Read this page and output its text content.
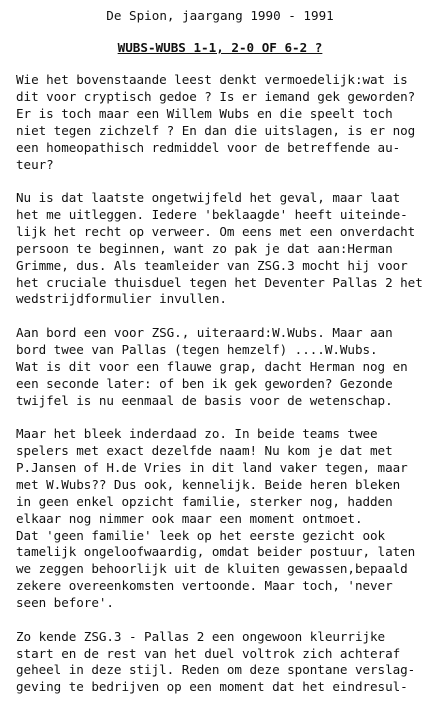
De Spion, jaargang 1990 - 1991
WUBS-WUBS 1-1, 2-0 OF 6-2 ?

Wie het bovenstaande leest denkt vermoedelijk:wat is
dit voor cryptisch gedoe ? Is er iemand gek geworden?
Er is toch maar een Willem Wubs en die speelt toch
niet tegen zichzelf ? En dan die uitslagen, is er nog
een homeopathisch redmiddel voor de betreffende au-
teur?

Nu is dat laatste ongetwijfeld het geval, maar laat
het me uitleggen. Iedere 'beklaagde' heeft uiteinde-
lijk het recht op verweer. Om eens met een onverdacht
persoon te beginnen, want zo pak je dat aan:Herman
Grimme, dus. Als teamleider van ZSG.3 mocht hij voor
het cruciale thuisduel tegen het Deventer Pallas 2 het
wedstrijdformulier invullen.

Aan bord een voor ZSG., uiteraard:W.Wubs. Maar aan
bord twee van Pallas (tegen hemzelf) ....W.Wubs.
Wat is dit voor een flauwe grap, dacht Herman nog en
een seconde later: of ben ik gek geworden? Gezonde
twijfel is nu eenmaal de basis voor de wetenschap.

Maar het bleek inderdaad zo. In beide teams twee
spelers met exact dezelfde naam! Nu kom je dat met
P.Jansen of H.de Vries in dit land vaker tegen, maar
met W.Wubs?? Dus ook, kennelijk. Beide heren bleken
in geen enkel opzicht familie, sterker nog, hadden
elkaar nog nimmer ook maar een moment ontmoet.
Dat 'geen familie' leek op het eerste gezicht ook
tamelijk ongeloofwaardig, omdat beider postuur, laten
we zeggen behoorlijk uit de kluiten gewassen,bepaald
zekere overeenkomsten vertoonde. Maar toch, 'never
seen before'.

Zo kende ZSG.3 - Pallas 2 een ongewoon kleurrijke
start en de rest van het duel voltrok zich achteraf
geheel in deze stijl. Reden om deze spontane verslag-
geving te bedrijven op een moment dat het eindresul-
